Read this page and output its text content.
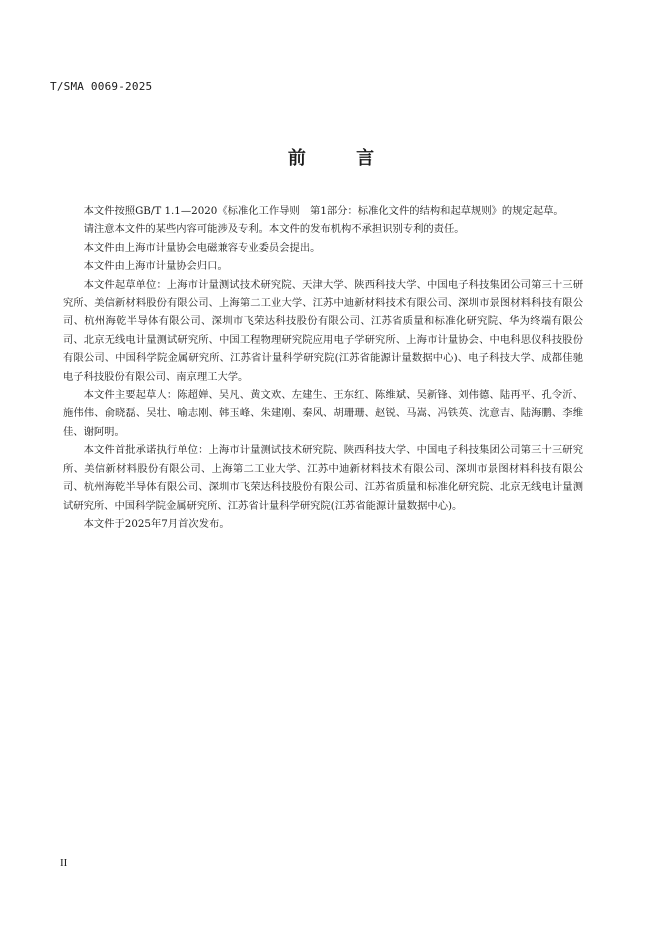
T/SMA 0069-2025
前 言

本文件按照GB/T 1.1—2020《标准化工作导则　第1部分：标准化文件的结构和起草规则》的规定起草。

请注意本文件的某些内容可能涉及专利。本文件的发布机构不承担识别专利的责任。

本文件由上海市计量协会电磁兼容专业委员会提出。

本文件由上海市计量协会归口。

本文件起草单位：上海市计量测试技术研究院、天津大学、陕西科技大学、中国电子科技集团公司第三十三研究所、美信新材料股份有限公司、上海第二工业大学、江苏中迪新材料技术有限公司、深圳市景图材料科技有限公司、杭州海乾半导体有限公司、深圳市飞荣达科技股份有限公司、江苏省质量和标准化研究院、华为终端有限公司、北京无线电计量测试研究所、中国工程物理研究院应用电子学研究所、上海市计量协会、中电科思仪科技股份有限公司、中国科学院金属研究所、江苏省计量科学研究院(江苏省能源计量数据中心)、电子科技大学、成都佳驰电子科技股份有限公司、南京理工大学。

本文件主要起草人：陈超婵、吴凡、黄文欢、左建生、王东红、陈维斌、吴新锋、刘伟德、陆再平、孔令沂、施伟伟、俞晓磊、吴壮、喻志刚、韩玉峰、朱建刚、秦风、胡珊珊、赵锐、马嵩、冯铁英、沈意吉、陆海鹏、李维佳、谢阿明。

本文件首批承诺执行单位：上海市计量测试技术研究院、陕西科技大学、中国电子科技集团公司第三十三研究所、美信新材料股份有限公司、上海第二工业大学、江苏中迪新材料技术有限公司、深圳市景图材料科技有限公司、杭州海乾半导体有限公司、深圳市飞荣达科技股份有限公司、江苏省质量和标准化研究院、北京无线电计量测试研究所、中国科学院金属研究所、江苏省计量科学研究院(江苏省能源计量数据中心)。

本文件于2025年7月首次发布。

II
